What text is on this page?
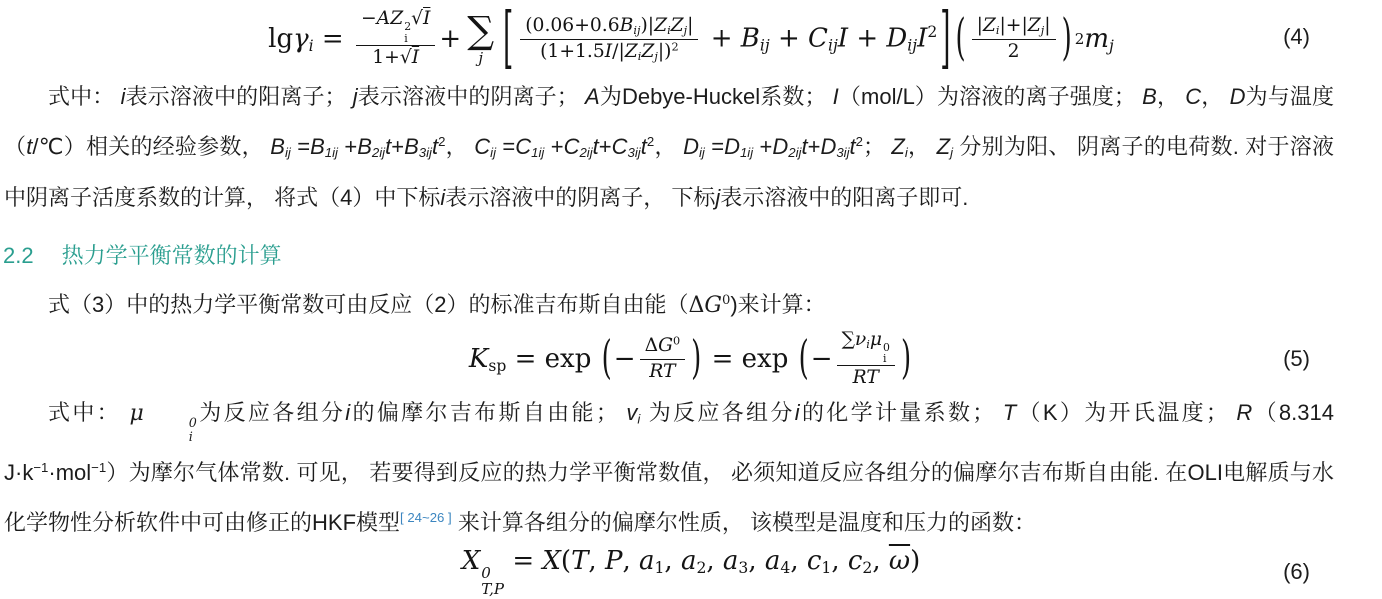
lgγ$_i$ = −AZ 2
i
√I
1+√I + ∑
j [ $\frac{(0.06+0.6B_{ij})|Z_iZ_j|}{(1+1.5I/|Z_iZ_j|)^2} + B_{ij} + C_{ij}I + D_{ij}I^2$ ] ( $\frac{|Z_i|+|Z_j|}{2}$ ) 2 $m_j$	(4)

式中： i表示溶液中的阳离子； j表示溶液中的阴离子； A为Debye-Huckel系数； I（mol/L）为溶液的离子强度； B， C， D为与温度（t/℃）相关的经验参数， $B_{ij} =B_{1ij} +B_{2ij}t+B_{3ij}t^2$， $C_{ij} =C_{1ij} +C_{2ij}t+C_{3ij}t^2$， $D_{ij} =D_{1ij} +D_{2ij}t+D_{3ij}t^2$； $Z_i$， $Z_j$ 分别为阳、 阴离子的电荷数. 对于溶液中阴离子活度系数的计算， 将式（4）中下标i表示溶液中的阴离子， 下标j表示溶液中的阳离子即可.

2.2 热力学平衡常数的计算

式（3）中的热力学平衡常数可由反应（2）的标准吉布斯自由能$(\Delta G^0)$来计算：

$K_{sp} = \exp$ ( − $\frac{\Delta G^0}{RT}$ ) = exp ( − $\sum\nu_i\mu$ 0
i
RT )	(5)

式中： μ	0
i
为反应各组分i的偏摩尔吉布斯自由能； $v_i$ 为反应各组分i的化学计量系数； T（K）为开氏温度； R（8.314 $J\cdot k^{-1}\cdot mol^{-1}$）为摩尔气体常数. 可见， 若要得到反应的热力学平衡常数值， 必须知道反应各组分的偏摩尔吉布斯自由能. 在OLI电解质与水化学物性分析软件中可由修正的HKF模型[ 24~26 ] 来计算各组分的偏摩尔性质， 该模型是温度和压力的函数：

X 0
T,P
= X(T, P, $a_1$, $a_2$, $a_3$, $a_4$, $c_1$, $c_2$, $\overline{\omega}$)	(6)
